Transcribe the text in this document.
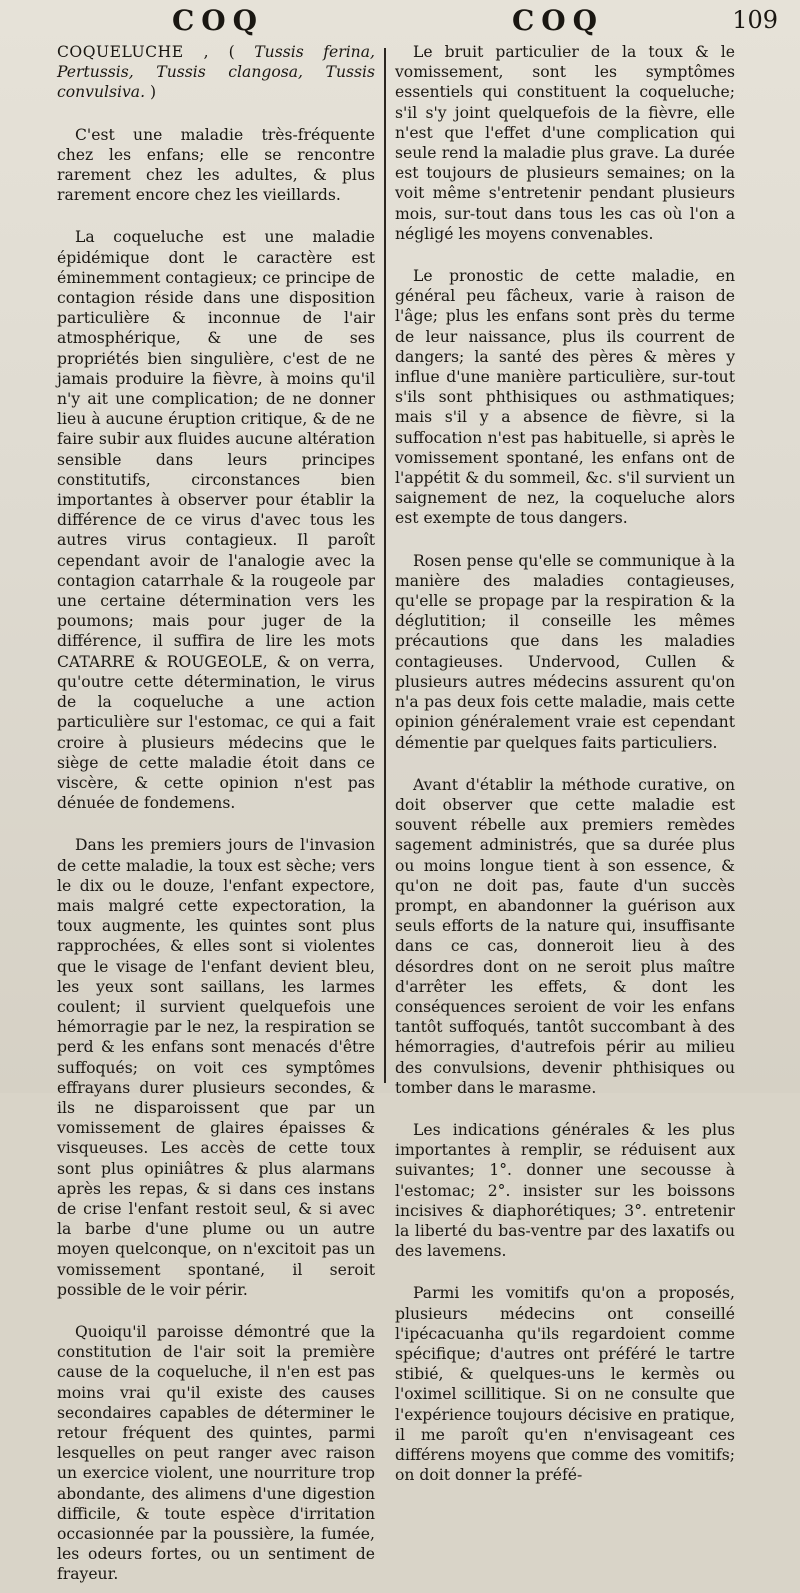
COQ	COQ	109

COQUELUCHE , ( Tussis ferina, Pertussis, Tussis clangosa, Tussis convulsiva. )

C'est une maladie très-fréquente chez les enfans; elle se rencontre rarement chez les adultes, & plus rarement encore chez les vieillards.

La coqueluche est une maladie épidémique dont le caractère est éminemment contagieux; ce principe de contagion réside dans une disposition particulière & inconnue de l'air atmosphérique, & une de ses propriétés bien singulière, c'est de ne jamais produire la fièvre, à moins qu'il n'y ait une complication; de ne donner lieu à aucune éruption critique, & de ne faire subir aux fluides aucune altération sensible dans leurs principes constitutifs, circonstances bien importantes à observer pour établir la différence de ce virus d'avec tous les autres virus contagieux. Il paroît cependant avoir de l'analogie avec la contagion catarrhale & la rougeole par une certaine détermination vers les poumons; mais pour juger de la différence, il suffira de lire les mots CATARRE & ROUGEOLE, & on verra, qu'outre cette détermination, le virus de la coqueluche a une action particulière sur l'estomac, ce qui a fait croire à plusieurs médecins que le siège de cette maladie étoit dans ce viscère, & cette opinion n'est pas dénuée de fondemens.

Dans les premiers jours de l'invasion de cette maladie, la toux est sèche; vers le dix ou le douze, l'enfant expectore, mais malgré cette expectoration, la toux augmente, les quintes sont plus rapprochées, & elles sont si violentes que le visage de l'enfant devient bleu, les yeux sont saillans, les larmes coulent; il survient quelquefois une hémorragie par le nez, la respiration se perd & les enfans sont menacés d'être suffoqués; on voit ces symptômes effrayans durer plusieurs secondes, & ils ne disparoissent que par un vomissement de glaires épaisses & visqueuses. Les accès de cette toux sont plus opiniâtres & plus alarmans après les repas, & si dans ces instans de crise l'enfant restoit seul, & si avec la barbe d'une plume ou un autre moyen quelconque, on n'excitoit pas un vomissement spontané, il seroit possible de le voir périr.

Quoiqu'il paroisse démontré que la constitution de l'air soit la première cause de la coqueluche, il n'en est pas moins vrai qu'il existe des causes secondaires capables de déterminer le retour fréquent des quintes, parmi lesquelles on peut ranger avec raison un exercice violent, une nourriture trop abondante, des alimens d'une digestion difficile, & toute espèce d'irritation occasionnée par la poussière, la fumée, les odeurs fortes, ou un sentiment de frayeur.

Le bruit particulier de la toux & le vomissement, sont les symptômes essentiels qui constituent la coqueluche; s'il s'y joint quelquefois de la fièvre, elle n'est que l'effet d'une complication qui seule rend la maladie plus grave. La durée est toujours de plusieurs semaines; on la voit même s'entretenir pendant plusieurs mois, sur-tout dans tous les cas où l'on a négligé les moyens convenables.

Le pronostic de cette maladie, en général peu fâcheux, varie à raison de l'âge; plus les enfans sont près du terme de leur naissance, plus ils courrent de dangers; la santé des pères & mères y influe d'une manière particulière, sur-tout s'ils sont phthisiques ou asthmatiques; mais s'il y a absence de fièvre, si la suffocation n'est pas habituelle, si après le vomissement spontané, les enfans ont de l'appétit & du sommeil, &c. s'il survient un saignement de nez, la coqueluche alors est exempte de tous dangers.

Rosen pense qu'elle se communique à la manière des maladies contagieuses, qu'elle se propage par la respiration & la déglutition; il conseille les mêmes précautions que dans les maladies contagieuses. Undervood, Cullen & plusieurs autres médecins assurent qu'on n'a pas deux fois cette maladie, mais cette opinion généralement vraie est cependant démentie par quelques faits particuliers.

Avant d'établir la méthode curative, on doit observer que cette maladie est souvent rébelle aux premiers remèdes sagement administrés, que sa durée plus ou moins longue tient à son essence, & qu'on ne doit pas, faute d'un succès prompt, en abandonner la guérison aux seuls efforts de la nature qui, insuffisante dans ce cas, donneroit lieu à des désordres dont on ne seroit plus maître d'arrêter les effets, & dont les conséquences seroient de voir les enfans tantôt suffoqués, tantôt succombant à des hémorragies, d'autrefois périr au milieu des convulsions, devenir phthisiques ou tomber dans le marasme.

Les indications générales & les plus importantes à remplir, se réduisent aux suivantes; 1°. donner une secousse à l'estomac; 2°. insister sur les boissons incisives & diaphorétiques; 3°. entretenir la liberté du bas-ventre par des laxatifs ou des lavemens.

Parmi les vomitifs qu'on a proposés, plusieurs médecins ont conseillé l'ipécacuanha qu'ils regardoient comme spécifique; d'autres ont préféré le tartre stibié, & quelques-uns le kermès ou l'oximel scillitique. Si on ne consulte que l'expérience toujours décisive en pratique, il me paroît qu'en n'envisageant ces différens moyens que comme des vomitifs; on doit donner la préfé-
